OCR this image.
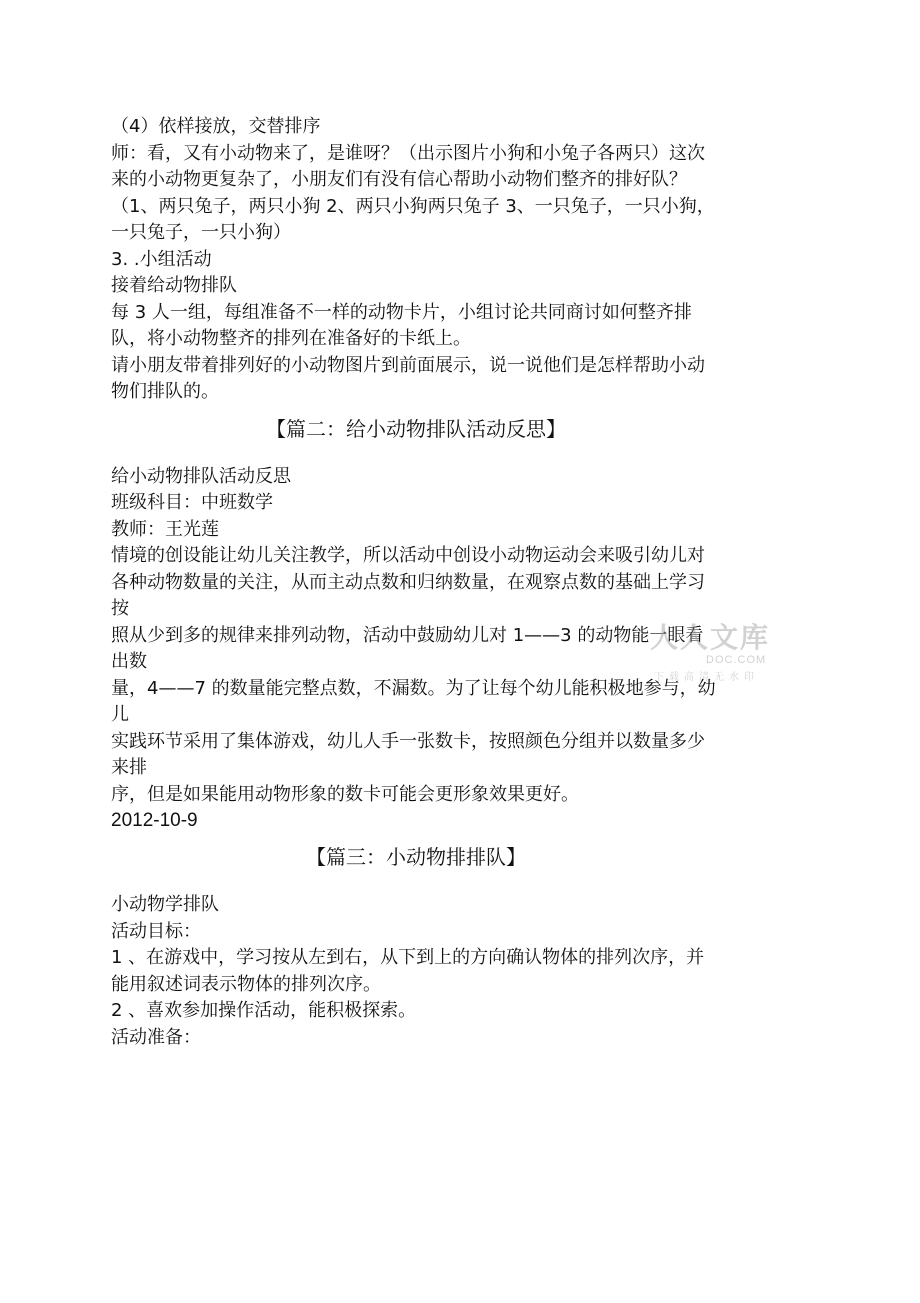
（4）依样接放，交替排序

师：看，又有小动物来了，是谁呀？（出示图片小狗和小兔子各两只）这次来的小动物更复杂了，小朋友们有没有信心帮助小动物们整齐的排好队？（1、两只兔子，两只小狗 2、两只小狗两只兔子 3、一只兔子，一只小狗，一只兔子，一只小狗）

3. .小组活动

接着给动物排队

每 3 人一组，每组准备不一样的动物卡片，小组讨论共同商讨如何整齐排队，将小动物整齐的排列在准备好的卡纸上。

请小朋友带着排列好的小动物图片到前面展示，说一说他们是怎样帮助小动物们排队的。

【篇二：给小动物排队活动反思】

给小动物排队活动反思

班级科目：中班数学

教师：王光莲

情境的创设能让幼儿关注教学，所以活动中创设小动物运动会来吸引幼儿对

各种动物数量的关注，从而主动点数和归纳数量，在观察点数的基础上学习按

照从少到多的规律来排列动物，活动中鼓励幼儿对 1——3 的动物能一眼看出数

量，4——7 的数量能完整点数，不漏数。为了让每个幼儿能积极地参与，幼儿

实践环节采用了集体游戏，幼儿人手一张数卡，按照颜色分组并以数量多少来排

序，但是如果能用动物形象的数卡可能会更形象效果更好。

2012-10-9

【篇三：小动物排排队】

小动物学排队

活动目标：

1 、在游戏中，学习按从左到右，从下到上的方向确认物体的排列次序，并能用叙述词表示物体的排列次序。

2 、喜欢参加操作活动，能积极探索。

活动准备：

人人文库
DOC.COM
下载高清无水印
